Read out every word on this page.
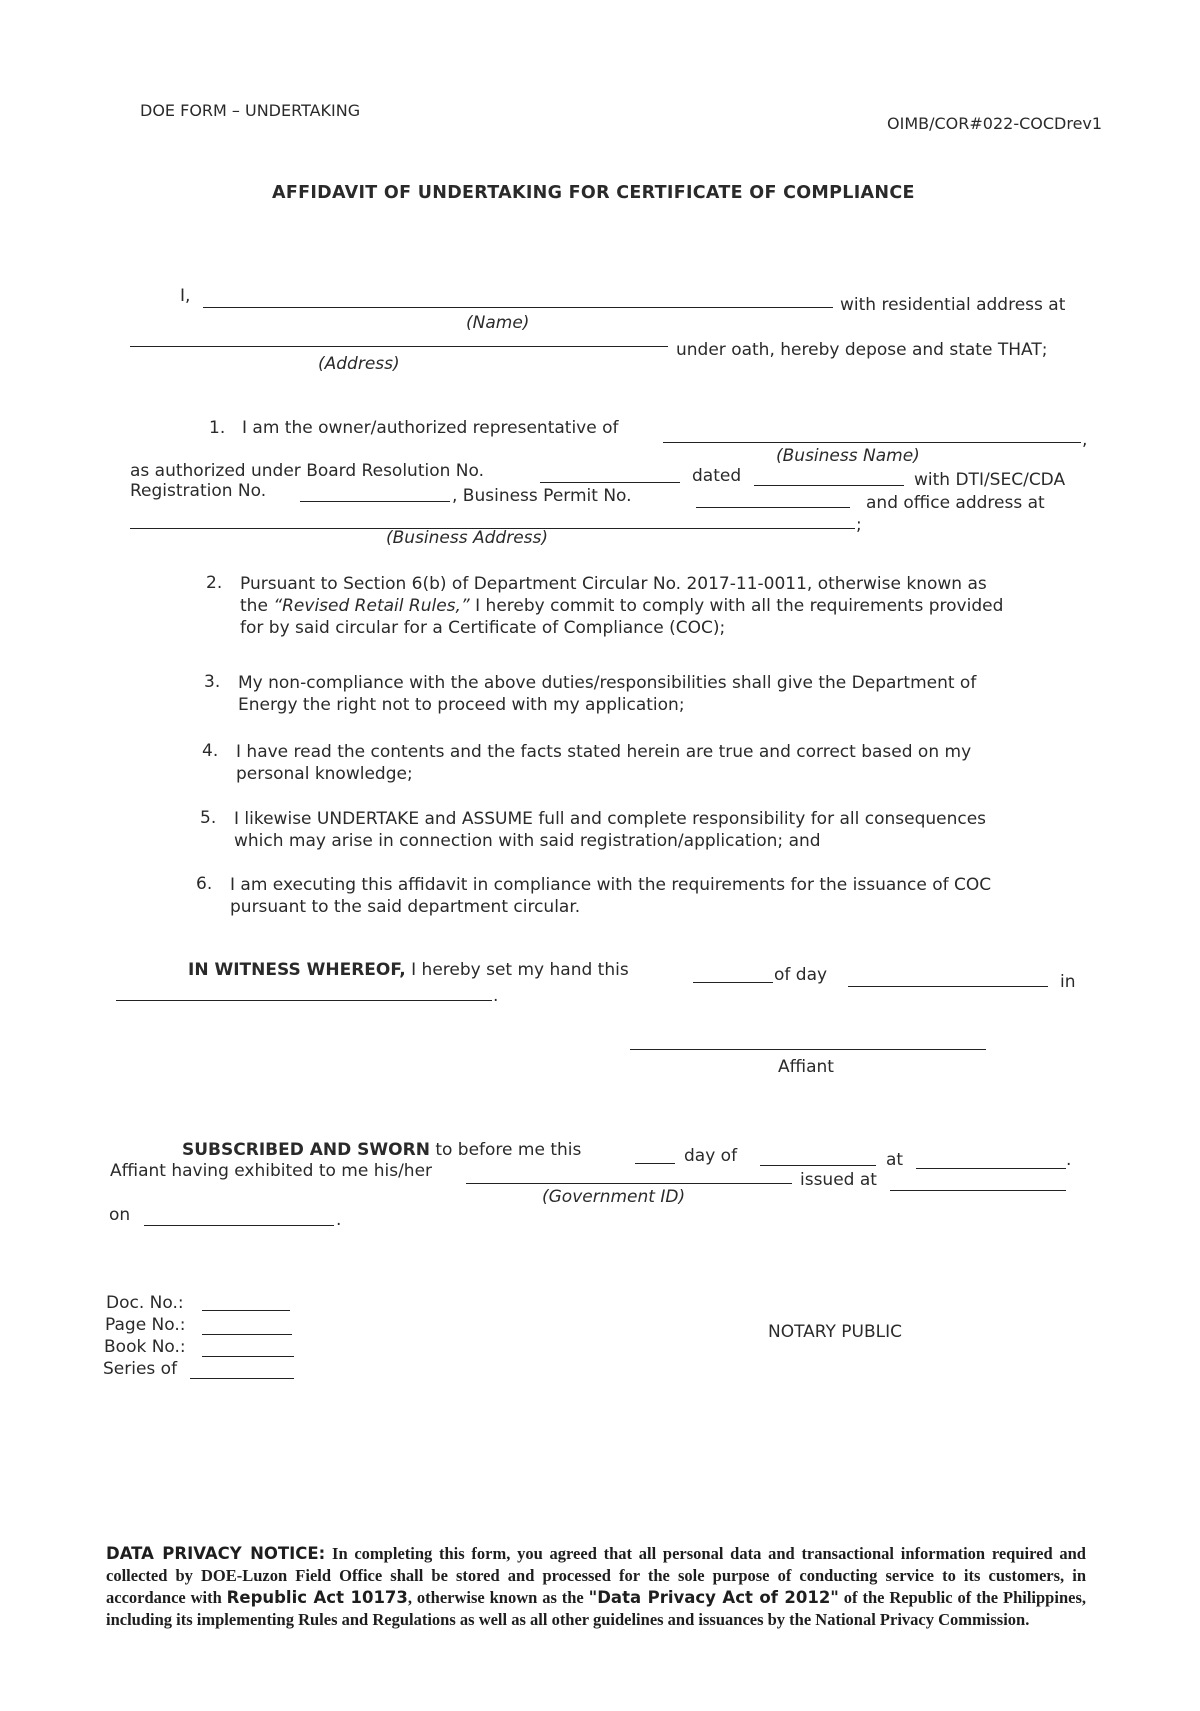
DOE FORM – UNDERTAKING
OIMB/COR#022-COCDrev1
AFFIDAVIT OF UNDERTAKING FOR CERTIFICATE OF COMPLIANCE
I,	with residential address at
(Name)
under oath, hereby depose and state THAT;
(Address)
1. I am the owner/authorized representative of
,
(Business Name)
as authorized under Board Resolution No.	dated	with DTI/SEC/CDA
Registration No.	, Business Permit No.	and office address at
;
(Business Address)
2. Pursuant to Section 6(b) of Department Circular No. 2017-11-0011, otherwise known as
the “Revised Retail Rules,” I hereby commit to comply with all the requirements provided
for by said circular for a Certificate of Compliance (COC);
3. My non-compliance with the above duties/responsibilities shall give the Department of
Energy the right not to proceed with my application;
4. I have read the contents and the facts stated herein are true and correct based on my
personal knowledge;
5. I likewise UNDERTAKE and ASSUME full and complete responsibility for all consequences
which may arise in connection with said registration/application; and
6. I am executing this affidavit in compliance with the requirements for the issuance of COC
pursuant to the said department circular.
IN WITNESS WHEREOF, I hereby set my hand this	of day	in
.
Affiant
SUBSCRIBED AND SWORN to before me this	day of	at	.
Affiant having exhibited to me his/her	issued at
(Government ID)
on	.
Doc. No.:
Page No.:
Book No.:
Series of
NOTARY PUBLIC
DATA PRIVACY NOTICE: In completing this form, you agreed that all personal data and transactional information required and collected by DOE-Luzon Field Office shall be stored and processed for the sole purpose of conducting service to its customers, in accordance with Republic Act 10173, otherwise known as the "Data Privacy Act of 2012" of the Republic of the Philippines, including its implementing Rules and Regulations as well as all other guidelines and issuances by the National Privacy Commission.
